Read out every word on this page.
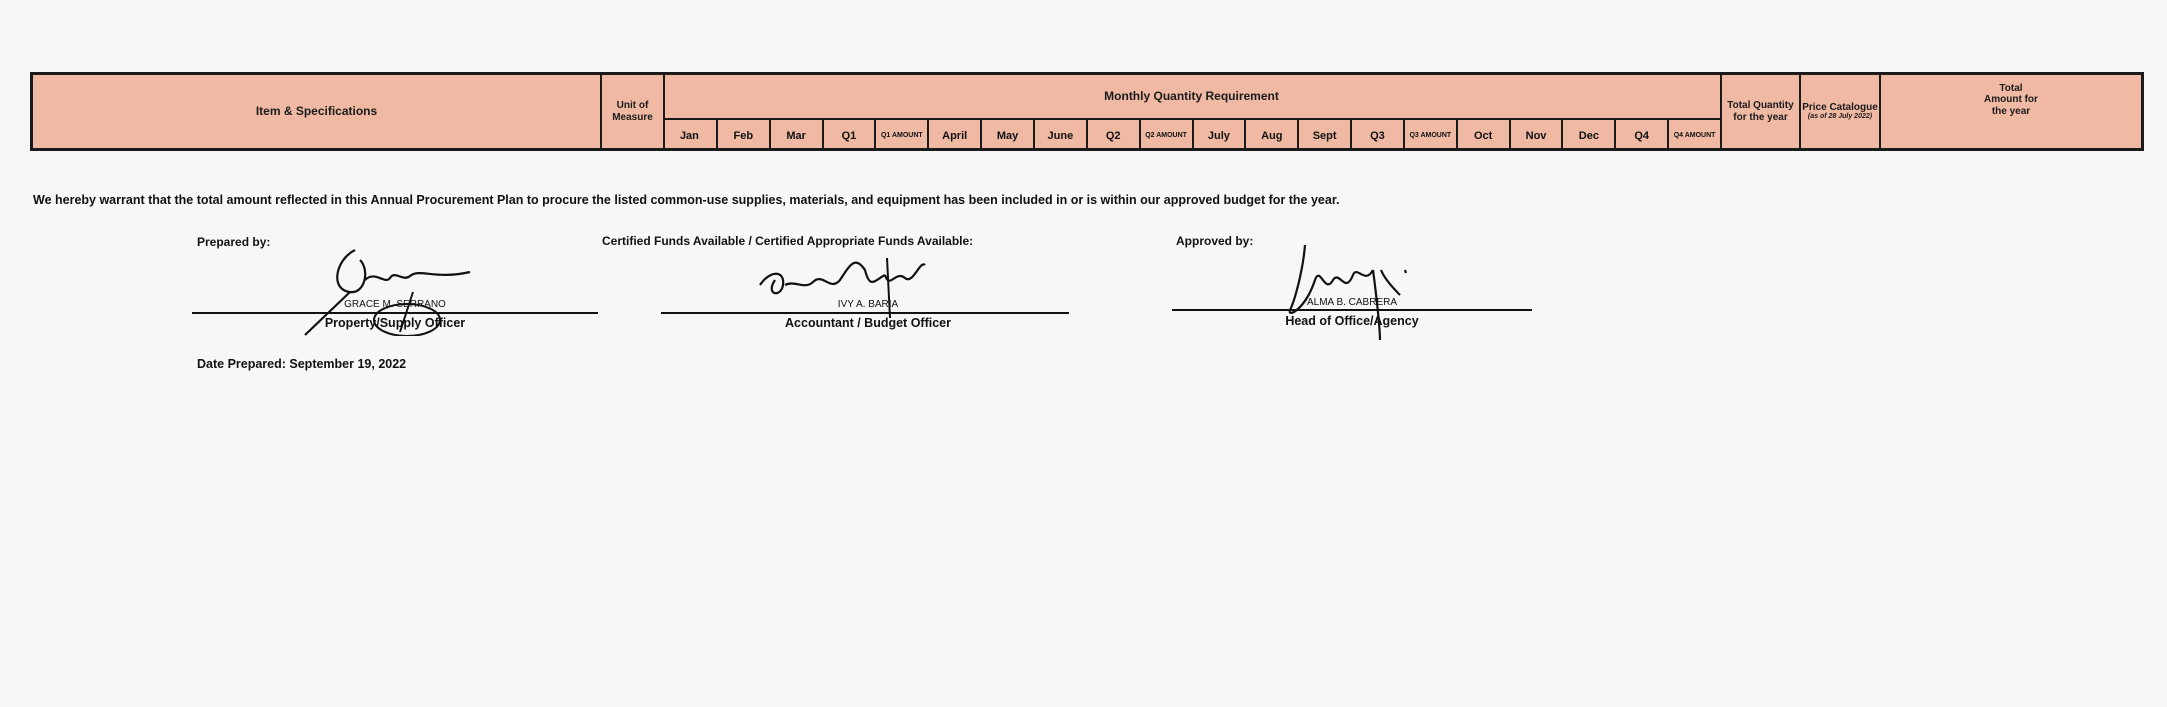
Item & Specifications	Unit of Measure
Monthly Quantity Requirement
Jan	Feb	Mar	Q1	Q1 AMOUNT	April	May	June	Q2	Q2 AMOUNT	July	Aug	Sept	Q3	Q3 AMOUNT	Oct	Nov	Dec	Q4	Q4 AMOUNT
Total Quantity for the year
Price Catalogue
(as of 28 July 2022)
Total Amount for the year
We hereby warrant that the total amount reflected in this Annual Procurement Plan to procure the listed common-use supplies, materials, and equipment has been included in or is within our approved budget for the year.
Prepared by:
GRACE M. SERRANO
Property/Supply Officer
Certified Funds Available / Certified Appropriate Funds Available:
IVY A. BARIA
Accountant / Budget Officer
Approved by:
ALMA B. CABRERA
Head of Office/Agency
Date Prepared: September 19, 2022
